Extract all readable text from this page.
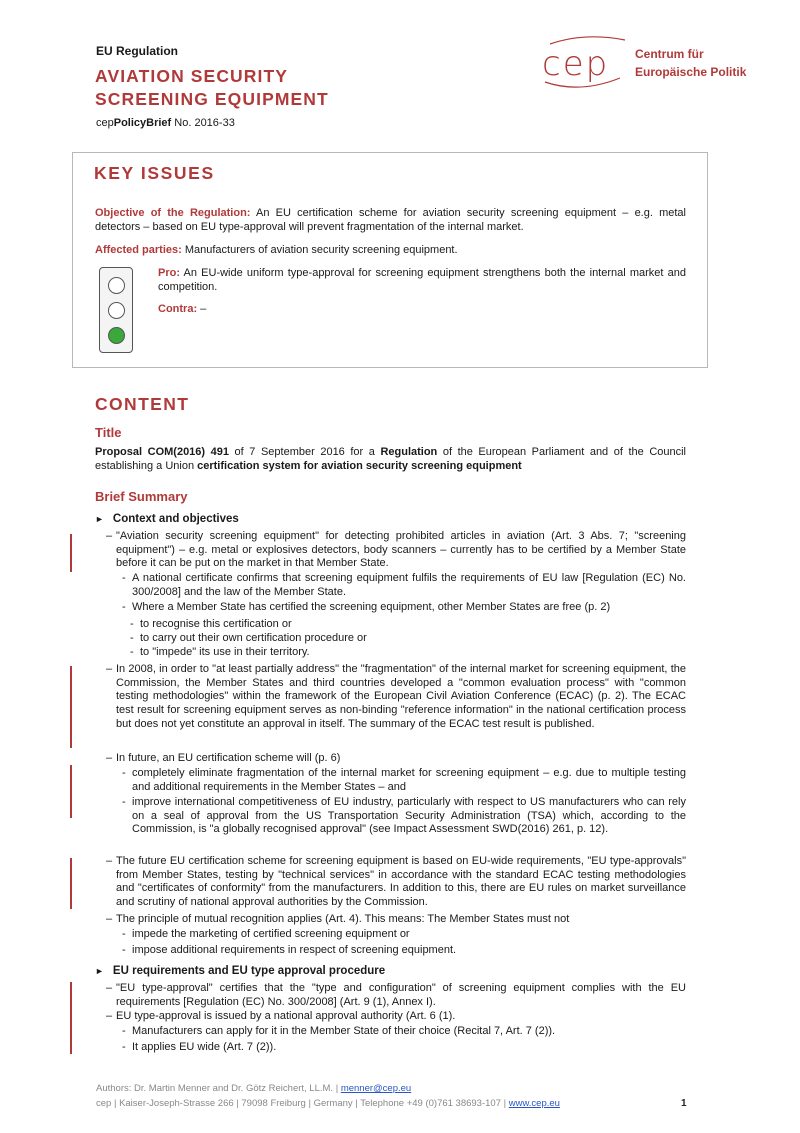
EU Regulation
AVIATION SECURITY
SCREENING EQUIPMENT
cepPolicyBrief No. 2016-33
cep Centrum für
Europäische Politik
KEY ISSUES
Objective of the Regulation: An EU certification scheme for aviation security screening equipment – e.g. metal detectors – based on EU type-approval will prevent fragmentation of the internal market.
Affected parties: Manufacturers of aviation security screening equipment.
Pro: An EU-wide uniform type-approval for screening equipment strengthens both the internal market and competition.
Contra: –
CONTENT
Title
Proposal COM(2016) 491 of 7 September 2016 for a Regulation of the European Parliament and of the Council establishing a Union certification system for aviation security screening equipment
Brief Summary
► Context and objectives
– "Aviation security screening equipment" for detecting prohibited articles in aviation (Art. 3 Abs. 7; "screening equipment") – e.g. metal or explosives detectors, body scanners – currently has to be certified by a Member State before it can be put on the market in that Member State.
- A national certificate confirms that screening equipment fulfils the requirements of EU law [Regulation (EC) No. 300/2008] and the law of the Member State.
- Where a Member State has certified the screening equipment, other Member States are free (p. 2)
- to recognise this certification or
- to carry out their own certification procedure or
- to "impede" its use in their territory.
– In 2008, in order to "at least partially address" the "fragmentation" of the internal market for screening equipment, the Commission, the Member States and third countries developed a "common evaluation process" with "common testing methodologies" within the framework of the European Civil Aviation Conference (ECAC) (p. 2). The ECAC test result for screening equipment serves as non-binding "reference information" in the national certification process but does not yet constitute an approval in itself. The summary of the ECAC test result is published.
– In future, an EU certification scheme will (p. 6)
- completely eliminate fragmentation of the internal market for screening equipment – e.g. due to multiple testing and additional requirements in the Member States – and
- improve international competitiveness of EU industry, particularly with respect to US manufacturers who can rely on a seal of approval from the US Transportation Security Administration (TSA) which, according to the Commission, is "a globally recognised approval" (see Impact Assessment SWD(2016) 261, p. 12).
– The future EU certification scheme for screening equipment is based on EU-wide requirements, "EU type-approvals" from Member States, testing by "technical services" in accordance with the standard ECAC testing methodologies and "certificates of conformity" from the manufacturers. In addition to this, there are EU rules on market surveillance and scrutiny of national approval authorities by the Commission.
– The principle of mutual recognition applies (Art. 4). This means: The Member States must not
- impede the marketing of certified screening equipment or
- impose additional requirements in respect of screening equipment.
► EU requirements and EU type approval procedure
– "EU type-approval" certifies that the "type and configuration" of screening equipment complies with the EU requirements [Regulation (EC) No. 300/2008] (Art. 9 (1), Annex I).
– EU type-approval is issued by a national approval authority (Art. 6 (1).
- Manufacturers can apply for it in the Member State of their choice (Recital 7, Art. 7 (2)).
- It applies EU wide (Art. 7 (2)).
Authors: Dr. Martin Menner and Dr. Götz Reichert, LL.M. | menner@cep.eu
cep | Kaiser-Joseph-Strasse 266 | 79098 Freiburg | Germany | Telephone +49 (0)761 38693-107 | www.cep.eu	1
